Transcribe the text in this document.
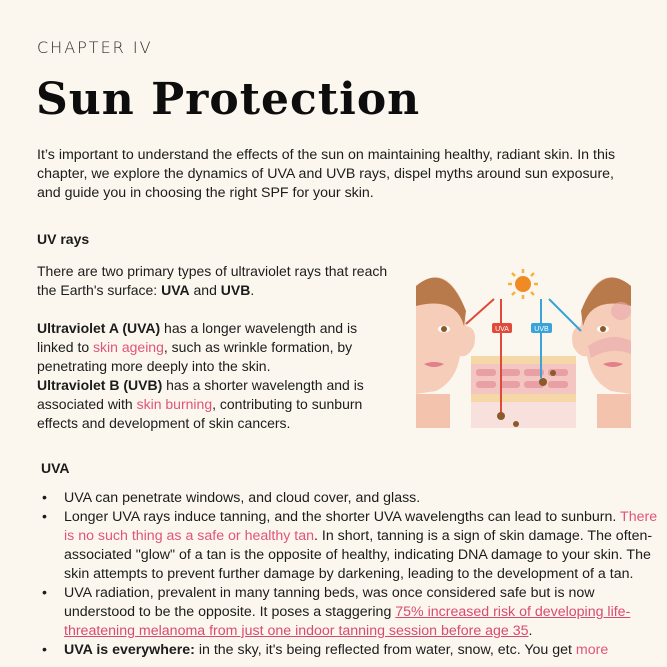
CHAPTER IV
Sun Protection

It’s important to understand the effects of the sun on maintaining healthy, radiant skin. In this chapter, we explore the dynamics of UVA and UVB rays, dispel myths around sun exposure, and guide you in choosing the right SPF for your skin.

UV rays

There are two primary types of ultraviolet rays that reach the Earth's surface: UVA and UVB.

Ultraviolet A (UVA) has a longer wavelength and is linked to skin ageing, such as wrinkle formation, by penetrating more deeply into the skin.

Ultraviolet B (UVB) has a shorter wavelength and is associated with skin burning, contributing to sunburn effects and development of skin cancers.

UVA	UVB
UVA
• UVA can penetrate windows, and cloud cover, and glass.
• Longer UVA rays induce tanning, and the shorter UVA wavelengths can lead to sunburn. There is no such thing as a safe or healthy tan. In short, tanning is a sign of skin damage. The often-associated "glow" of a tan is the opposite of healthy, indicating DNA damage to your skin. The skin attempts to prevent further damage by darkening, leading to the development of a tan.
• UVA radiation, prevalent in many tanning beds, was once considered safe but is now understood to be the opposite. It poses a staggering 75% increased risk of developing life-threatening melanoma from just one indoor tanning session before age 35.
• UVA is everywhere: in the sky, it's being reflected from water, snow, etc. You get more
